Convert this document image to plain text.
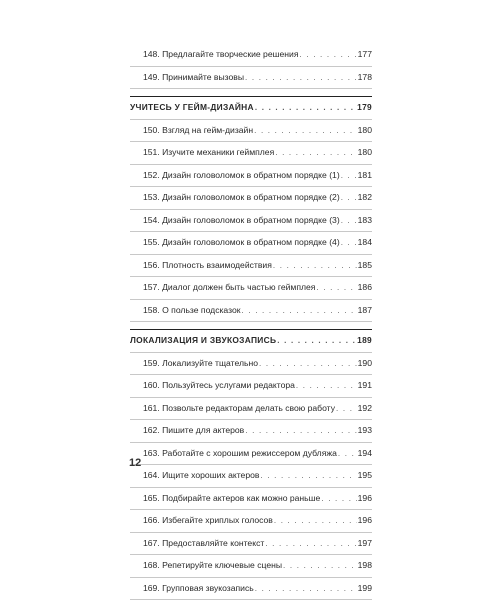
148. Предлагайте творческие решения . . .	177
149. Принимайте вызовы . . .	178
УЧИТЕСЬ У ГЕЙМ-ДИЗАЙНА . . .	179
150. Взгляд на гейм-дизайн . . .	180
151. Изучите механики геймплея . . .	180
152. Дизайн головоломок в обратном порядке (1) . . . 181
153. Дизайн головоломок в обратном порядке (2) . . . 182
154. Дизайн головоломок в обратном порядке (3) . . . 183
155. Дизайн головоломок в обратном порядке (4) . . . 184
156. Плотность взаимодействия . . .	185
157. Диалог должен быть частью геймплея . . .	186
158. О пользе подсказок . . .	187
ЛОКАЛИЗАЦИЯ И ЗВУКОЗАПИСЬ . . .	189
159. Локализуйте тщательно . . .	190
160. Пользуйтесь услугами редактора . . .	191
161. Позвольте редакторам делать свою работу . . .	192
162. Пишите для актеров . . .	193
163. Работайте с хорошим режиссером дубляжа . . . 194
164. Ищите хороших актеров . . .	195
165. Подбирайте актеров как можно раньше . . .	196
166. Избегайте хриплых голосов . . .	196
167. Предоставляйте контекст . . .	197
168. Репетируйте ключевые сцены . . .	198
169. Групповая звукозапись . . .	199
12
